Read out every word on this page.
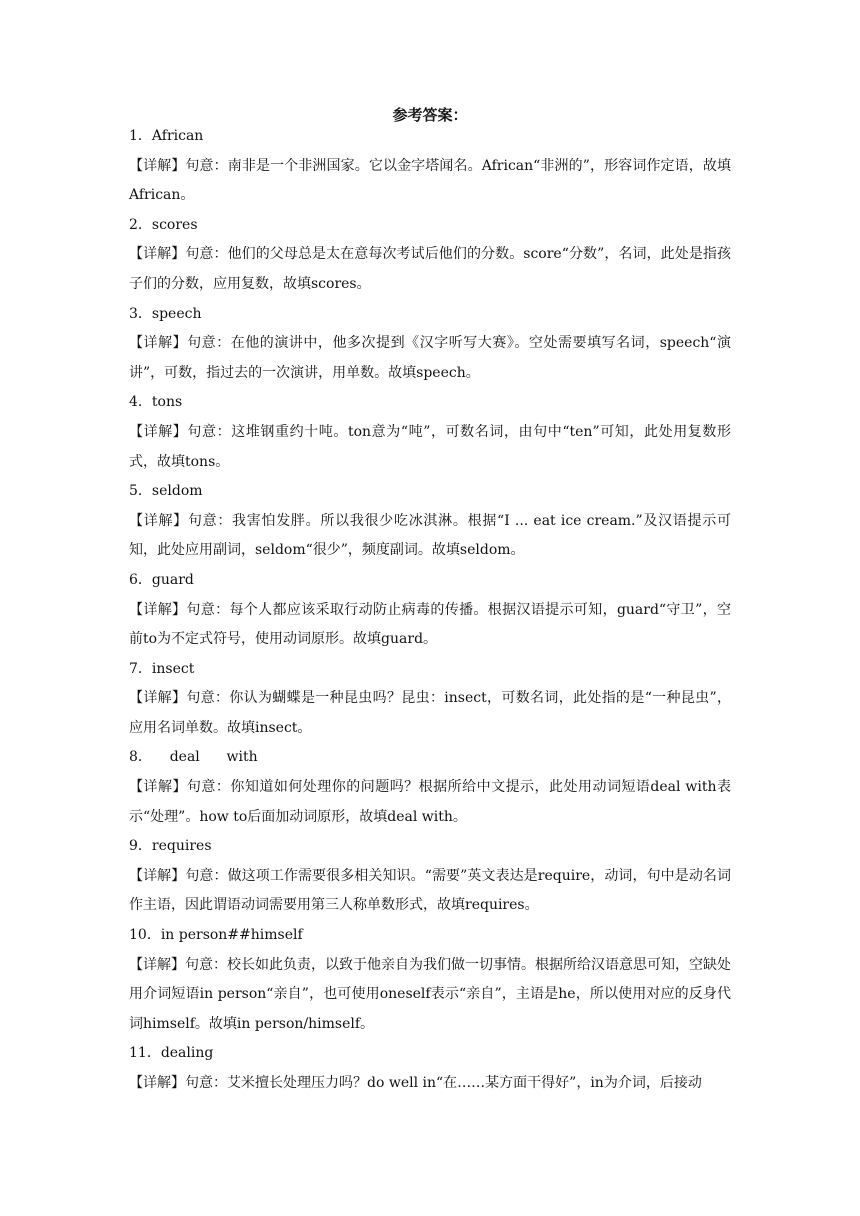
参考答案：

1．African

【详解】句意：南非是一个非洲国家。它以金字塔闻名。African“非洲的”，形容词作定语，故填African。

2．scores

【详解】句意：他们的父母总是太在意每次考试后他们的分数。score“分数”，名词，此处是指孩子们的分数，应用复数，故填scores。

3．speech

【详解】句意：在他的演讲中，他多次提到《汉字听写大赛》。空处需要填写名词，speech“演讲”，可数，指过去的一次演讲，用单数。故填speech。

4．tons

【详解】句意：这堆钢重约十吨。ton意为“吨”，可数名词，由句中“ten”可知，此处用复数形式，故填tons。

5．seldom

【详解】句意：我害怕发胖。所以我很少吃冰淇淋。根据“I ... eat ice cream.”及汉语提示可知，此处应用副词，seldom“很少”，频度副词。故填seldom。

6．guard

【详解】句意：每个人都应该采取行动防止病毒的传播。根据汉语提示可知，guard“守卫”，空前to为不定式符号，使用动词原形。故填guard。

7．insect

【详解】句意：你认为蝴蝶是一种昆虫吗？昆虫：insect，可数名词，此处指的是“一种昆虫”，应用名词单数。故填insect。

8．    deal      with

【详解】句意：你知道如何处理你的问题吗？根据所给中文提示，此处用动词短语deal with表示“处理”。how to后面加动词原形，故填deal with。

9．requires

【详解】句意：做这项工作需要很多相关知识。“需要”英文表达是require，动词，句中是动名词作主语，因此谓语动词需要用第三人称单数形式，故填requires。

10．in person##himself

【详解】句意：校长如此负责，以致于他亲自为我们做一切事情。根据所给汉语意思可知，空缺处用介词短语in person“亲自”，也可使用oneself表示“亲自”，主语是he，所以使用对应的反身代词himself。故填in person/himself。

11．dealing

【详解】句意：艾米擅长处理压力吗？do well in“在……某方面干得好”，in为介词，后接动
